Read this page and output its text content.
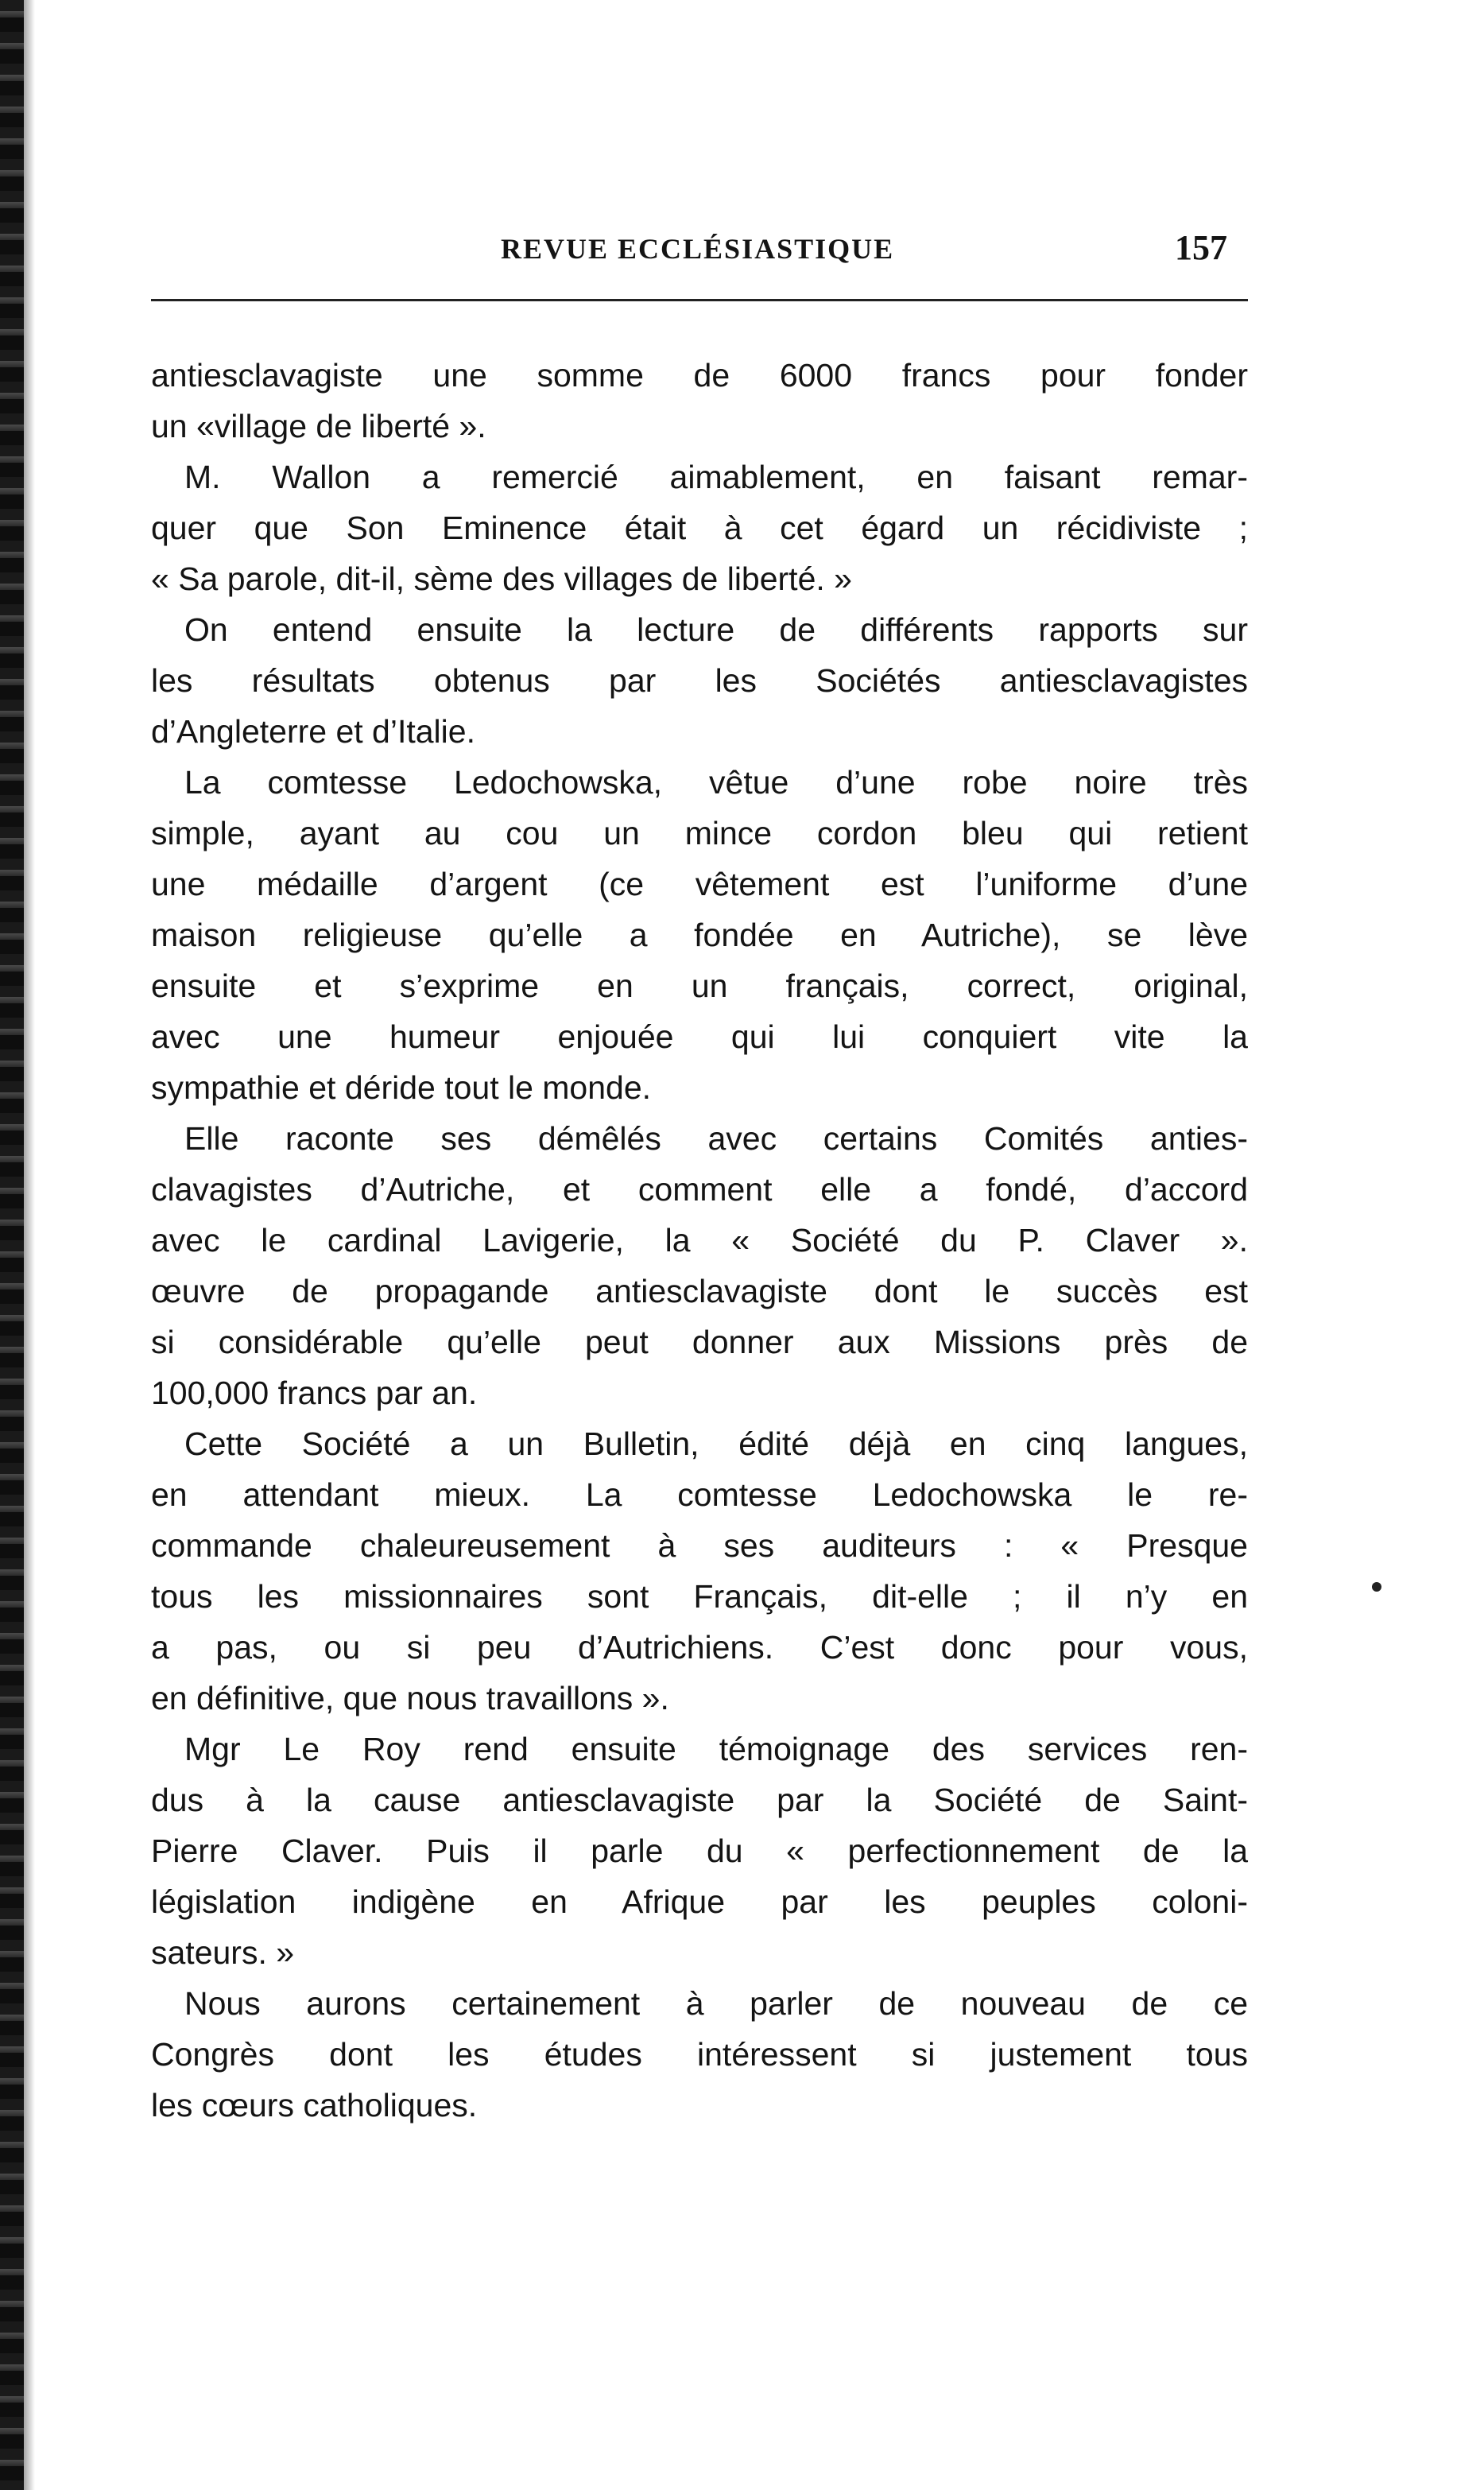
REVUE ECCLÉSIASTIQUE	157
antiesclavagiste une somme de 6000 francs pour fonder
un «village de liberté ».
M. Wallon a remercié aimablement, en faisant remar-
quer que Son Eminence était à cet égard un récidiviste ;
« Sa parole, dit-il, sème des villages de liberté. »
On entend ensuite la lecture de différents rapports sur
les résultats obtenus par les Sociétés antiesclavagistes
d’Angleterre et d’Italie.
La comtesse Ledochowska, vêtue d’une robe noire très
simple, ayant au cou un mince cordon bleu qui retient
une médaille d’argent (ce vêtement est l’uniforme d’une
maison religieuse qu’elle a fondée en Autriche), se lève
ensuite et s’exprime en un français, correct, original,
avec une humeur enjouée qui lui conquiert vite la
sympathie et déride tout le monde.
Elle raconte ses démêlés avec certains Comités anties-
clavagistes d’Autriche, et comment elle a fondé, d’accord
avec le cardinal Lavigerie, la « Société du P. Claver ».
œuvre de propagande antiesclavagiste dont le succès est
si considérable qu’elle peut donner aux Missions près de
100,000 francs par an.
Cette Société a un Bulletin, édité déjà en cinq langues,
en attendant mieux. La comtesse Ledochowska le re-
commande chaleureusement à ses auditeurs : « Presque
tous les missionnaires sont Français, dit-elle ; il n’y en
a pas, ou si peu d’Autrichiens. C’est donc pour vous,
en définitive, que nous travaillons ».
Mgr Le Roy rend ensuite témoignage des services ren-
dus à la cause antiesclavagiste par la Société de Saint-
Pierre Claver. Puis il parle du « perfectionnement de la
législation indigène en Afrique par les peuples colonі-
sateurs. »
Nous aurons certainement à parler de nouveau de ce
Congrès dont les études intéressent si justement tous
les cœurs catholiques.
